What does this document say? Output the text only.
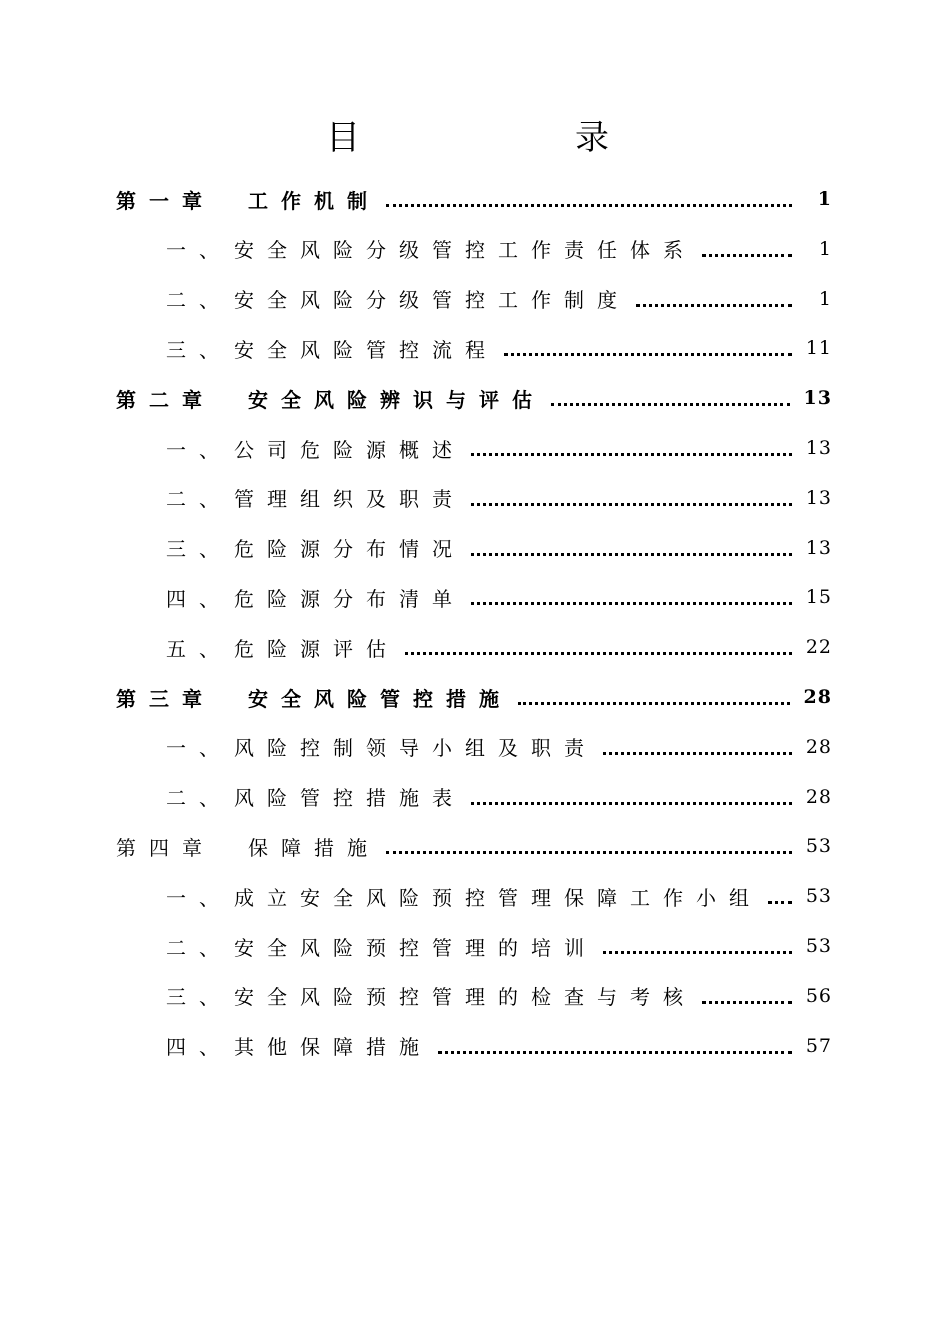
目	录
第一章	工作机制	1
一、 安全风险分级管控工作责任体系	1
二、 安全风险分级管控工作制度	1
三、 安全风险管控流程	11
第二章	安全风险辨识与评估	13
一、 公司危险源概述	13
二、 管理组织及职责	13
三、 危险源分布情况	13
四、 危险源分布清单	15
五、 危险源评估	22
第三章	安全风险管控措施	28
一、 风险控制领导小组及职责	28
二、 风险管控措施表	28
第四章	保障措施	53
一、 成立安全风险预控管理保障工作小组 53
二、 安全风险预控管理的培训	53
三、 安全风险预控管理的检查与考核	56
四、 其他保障措施	57
